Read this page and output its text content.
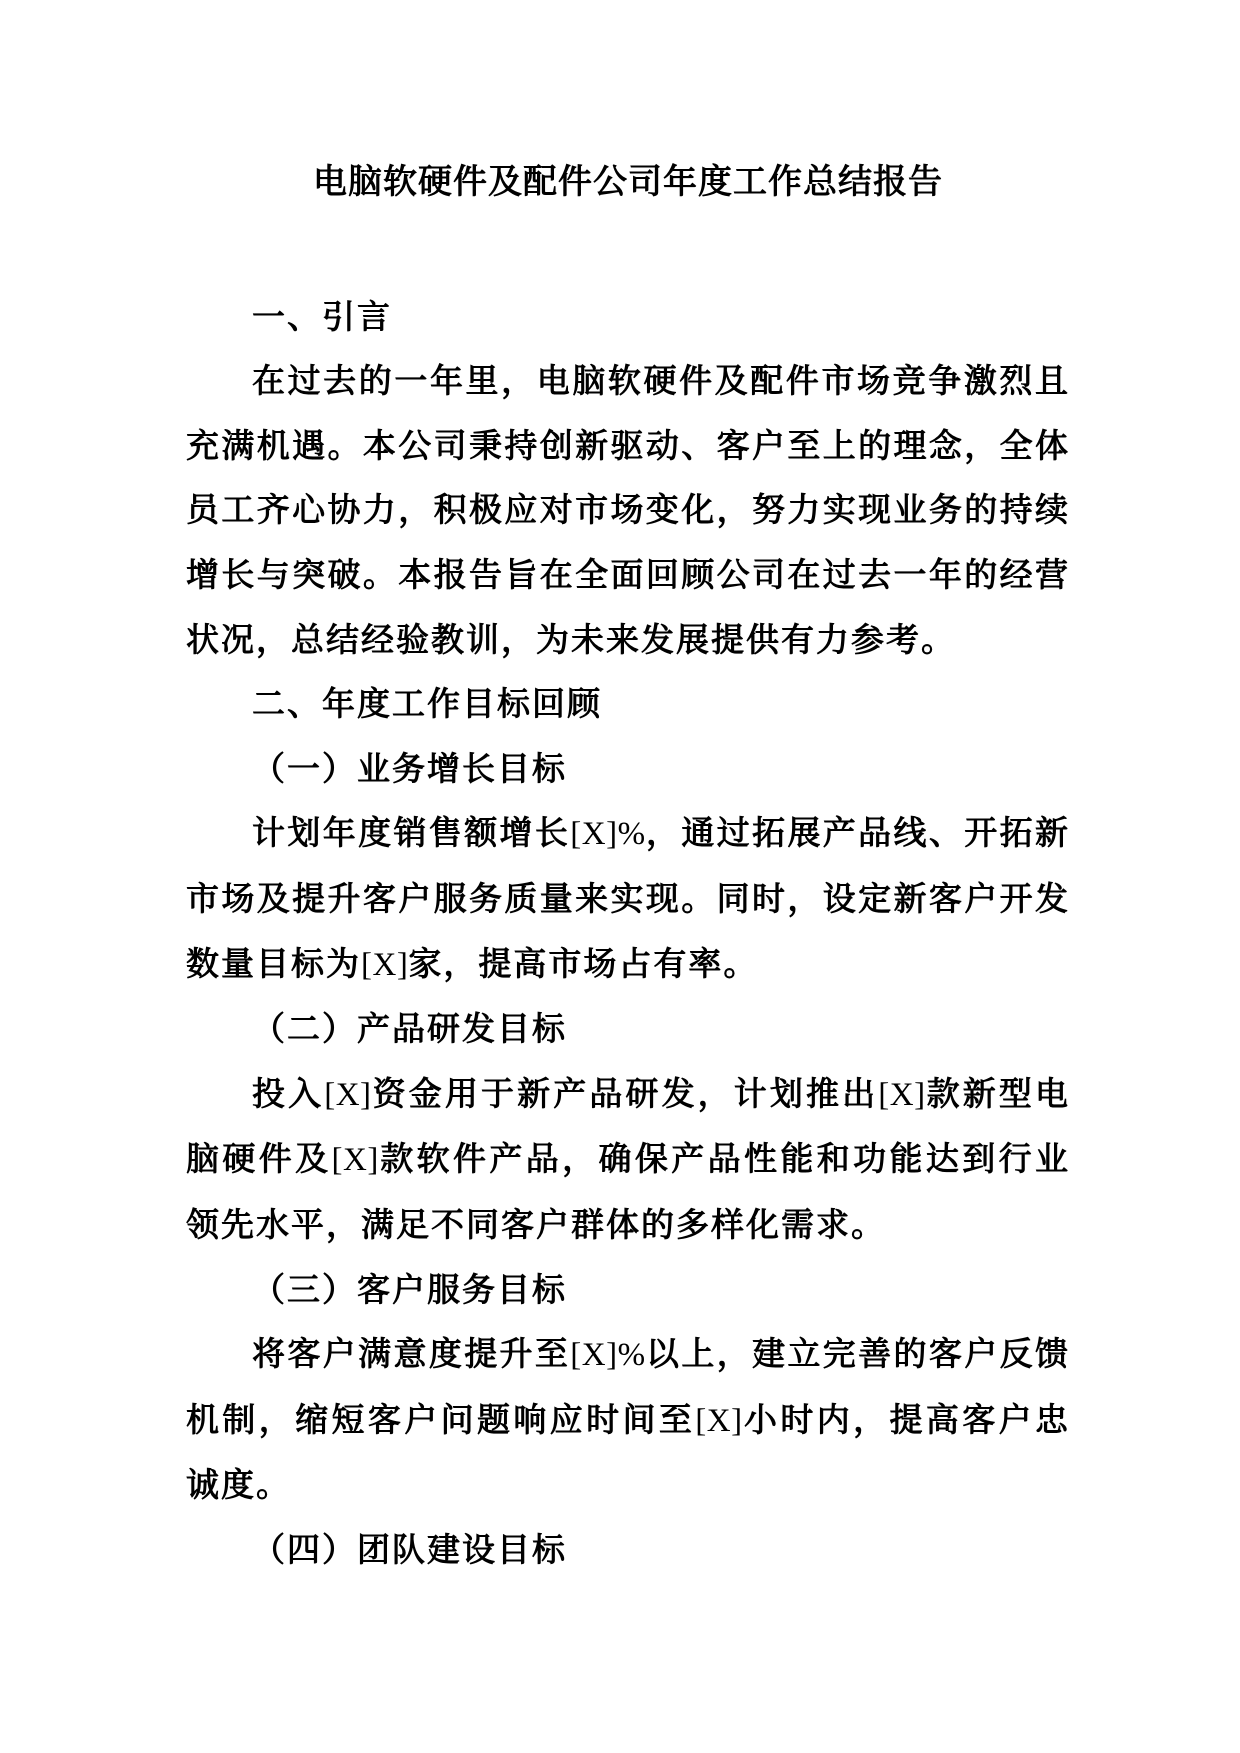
电脑软硬件及配件公司年度工作总结报告

一、引言

在过去的一年里，电脑软硬件及配件市场竞争激烈且充满机遇。本公司秉持创新驱动、客户至上的理念，全体员工齐心协力，积极应对市场变化，努力实现业务的持续增长与突破。本报告旨在全面回顾公司在过去一年的经营状况，总结经验教训，为未来发展提供有力参考。

二、年度工作目标回顾

（一）业务增长目标

计划年度销售额增长[X]%，通过拓展产品线、开拓新市场及提升客户服务质量来实现。同时，设定新客户开发数量目标为[X]家，提高市场占有率。

（二）产品研发目标

投入[X]资金用于新产品研发，计划推出[X]款新型电脑硬件及[X]款软件产品，确保产品性能和功能达到行业领先水平，满足不同客户群体的多样化需求。

（三）客户服务目标

将客户满意度提升至[X]%以上，建立完善的客户反馈机制，缩短客户问题响应时间至[X]小时内，提高客户忠诚度。

（四）团队建设目标
